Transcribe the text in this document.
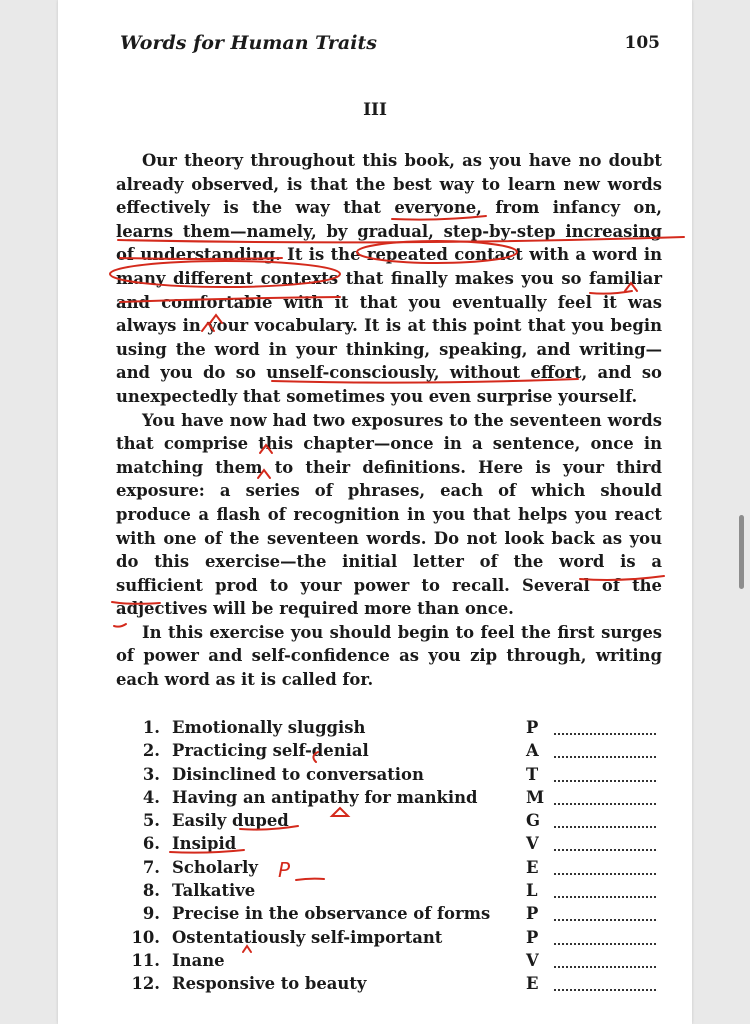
Words for Human Traits	105
III

Our theory throughout this book, as you have no doubt already observed, is that the best way to learn new words effectively is the way that everyone, from infancy on, learns them—namely, by gradual, step-by-step increasing of understanding. It is the repeated contact with a word in many different contexts that finally makes you so familiar and comfortable with it that you eventually feel it was always in your vocabulary. It is at this point that you begin using the word in your thinking, speaking, and writing—and you do so unself-consciously, without effort, and so unexpectedly that sometimes you even surprise yourself.

You have now had two exposures to the seventeen words that comprise this chapter—once in a sentence, once in matching them to their definitions. Here is your third exposure: a series of phrases, each of which should produce a flash of recognition in you that helps you react with one of the seventeen words. Do not look back as you do this exercise—the initial letter of the word is a sufficient prod to your power to recall. Several of the adjectives will be required more than once.

In this exercise you should begin to feel the first surges of power and self-confidence as you zip through, writing each word as it is called for.

1. Emotionally sluggish	P
2. Practicing self-denial	A
3. Disinclined to conversation	T
4. Having an antipathy for mankind	M
5. Easily duped	G
6. Insipid	V
7. Scholarly	E
8. Talkative	L
9. Precise in the observance of forms P
10. Ostentatiously self-important	P
11. Inane	V
12. Responsive to beauty	E
P
